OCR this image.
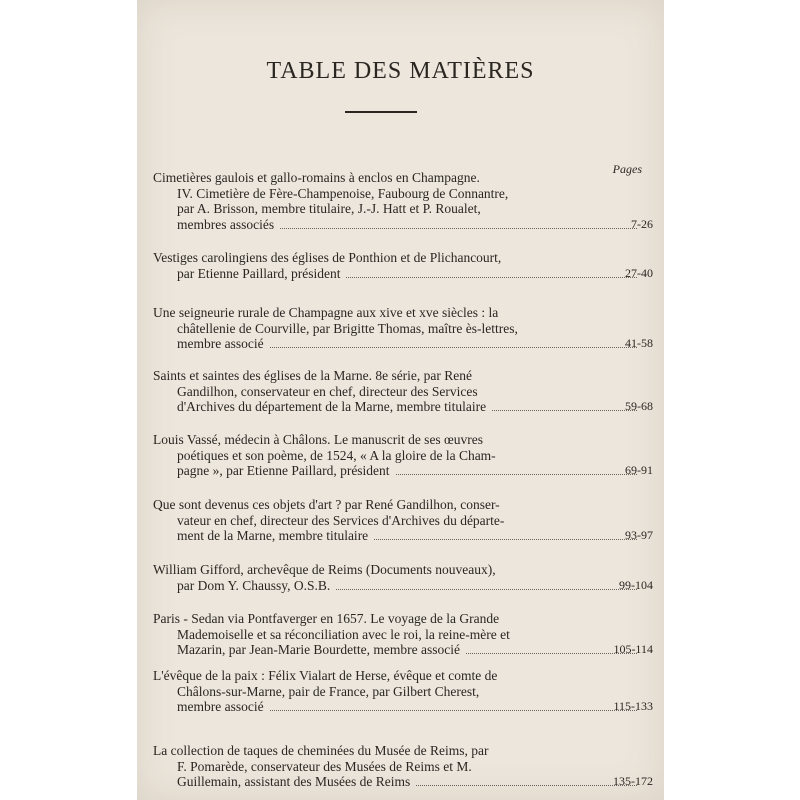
TABLE DES MATIÈRES
Pages
Cimetières gaulois et gallo-romains à enclos en Champagne.
IV. Cimetière de Fère-Champenoise, Faubourg de Connantre,
par A. Brisson, membre titulaire, J.-J. Hatt et P. Roualet,
membres associés	7-26
Vestiges carolingiens des églises de Ponthion et de Plichancourt,
par Etienne Paillard, président	27-40
Une seigneurie rurale de Champagne aux xive et xve siècles : la
châtellenie de Courville, par Brigitte Thomas, maître ès-lettres,
membre associé	41-58
Saints et saintes des églises de la Marne. 8e série, par René
Gandilhon, conservateur en chef, directeur des Services
d'Archives du département de la Marne, membre titulaire	59-68
Louis Vassé, médecin à Châlons. Le manuscrit de ses œuvres
poétiques et son poème, de 1524, « A la gloire de la Cham-
pagne », par Etienne Paillard, président	69-91
Que sont devenus ces objets d'art ? par René Gandilhon, conser-
vateur en chef, directeur des Services d'Archives du départe-
ment de la Marne, membre titulaire	93-97
William Gifford, archevêque de Reims (Documents nouveaux),
par Dom Y. Chaussy, O.S.B.	99-104
Paris - Sedan via Pontfaverger en 1657. Le voyage de la Grande
Mademoiselle et sa réconciliation avec le roi, la reine-mère et
Mazarin, par Jean-Marie Bourdette, membre associé	105-114
L'évêque de la paix : Félix Vialart de Herse, évêque et comte de
Châlons-sur-Marne, pair de France, par Gilbert Cherest,
membre associé	115-133
La collection de taques de cheminées du Musée de Reims, par
F. Pomarède, conservateur des Musées de Reims et M.
Guillemain, assistant des Musées de Reims	135-172
